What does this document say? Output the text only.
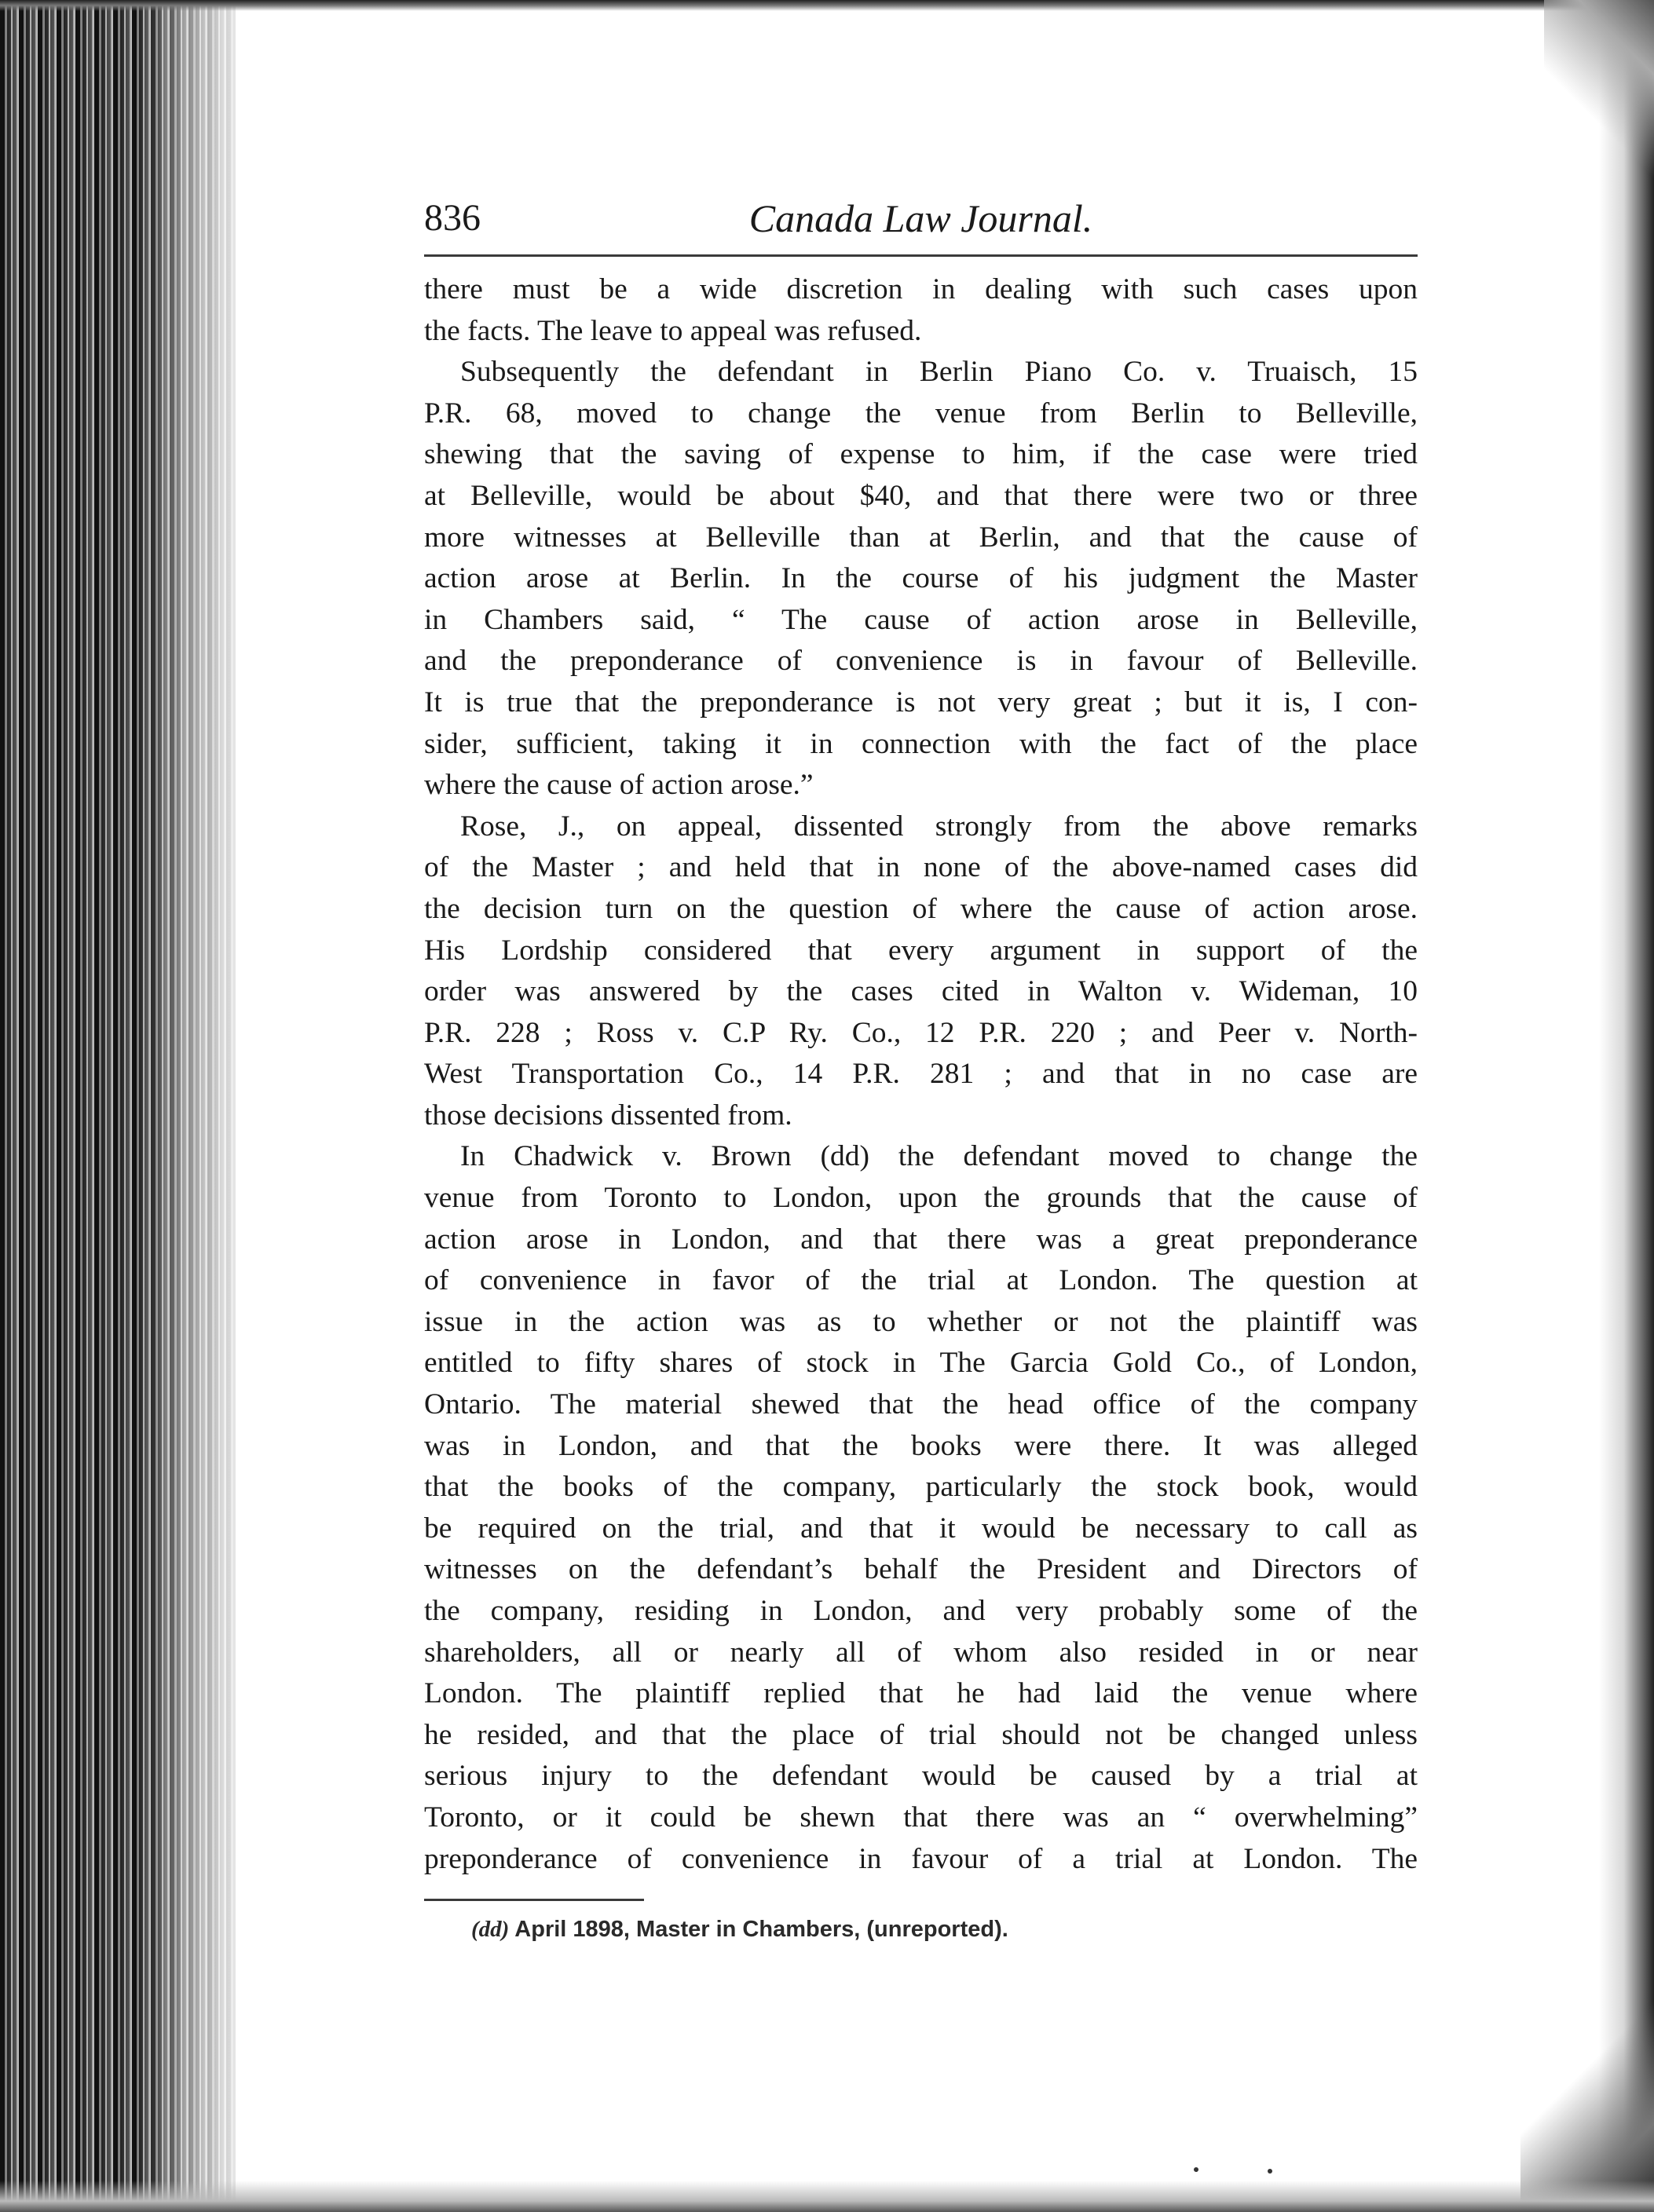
836	Canada Law Journal.

there must be a wide discretion in dealing with such cases upon

the facts. The leave to appeal was refused.

Subsequently the defendant in Berlin Piano Co. v. Truaisch, 15

P.R. 68, moved to change the venue from Berlin to Belleville,

shewing that the saving of expense to him, if the case were tried

at Belleville, would be about $40, and that there were two or three

more witnesses at Belleville than at Berlin, and that the cause of

action arose at Berlin. In the course of his judgment the Master

in Chambers said, “ The cause of action arose in Belleville,

and the preponderance of convenience is in favour of Belleville.

It is true that the preponderance is not very great ; but it is, I con-

sider, sufficient, taking it in connection with the fact of the place

where the cause of action arose.”

Rose, J., on appeal, dissented strongly from the above remarks

of the Master ; and held that in none of the above-named cases did

the decision turn on the question of where the cause of action arose.

His Lordship considered that every argument in support of the

order was answered by the cases cited in Walton v. Wideman, 10

P.R. 228 ; Ross v. C.P Ry. Co., 12 P.R. 220 ; and Peer v. North-

West Transportation Co., 14 P.R. 281 ; and that in no case are

those decisions dissented from.

In Chadwick v. Brown (dd) the defendant moved to change the

venue from Toronto to London, upon the grounds that the cause of

action arose in London, and that there was a great preponderance

of convenience in favor of the trial at London. The question at

issue in the action was as to whether or not the plaintiff was

entitled to fifty shares of stock in The Garcia Gold Co., of London,

Ontario. The material shewed that the head office of the company

was in London, and that the books were there. It was alleged

that the books of the company, particularly the stock book, would

be required on the trial, and that it would be necessary to call as

witnesses on the defendant’s behalf the President and Directors of

the company, residing in London, and very probably some of the

shareholders, all or nearly all of whom also resided in or near

London. The plaintiff replied that he had laid the venue where

he resided, and that the place of trial should not be changed unless

serious injury to the defendant would be caused by a trial at

Toronto, or it could be shewn that there was an “ overwhelming”

preponderance of convenience in favour of a trial at London. The

(dd) April 1898, Master in Chambers, (unreported).
